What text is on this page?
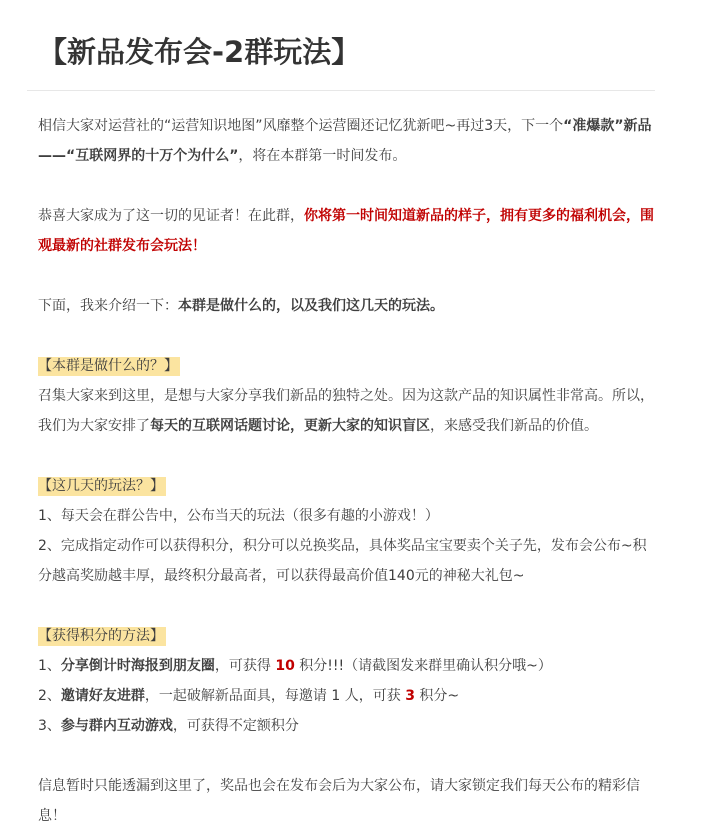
【新品发布会-2群玩法】

相信大家对运营社的“运营知识地图”风靡整个运营圈还记忆犹新吧~再过3天，下一个“准爆款”新品——“互联网界的十万个为什么”，将在本群第一时间发布。

恭喜大家成为了这一切的见证者！在此群，你将第一时间知道新品的样子，拥有更多的福利机会，围观最新的社群发布会玩法！

下面，我来介绍一下：本群是做什么的，以及我们这几天的玩法。

【本群是做什么的？】

召集大家来到这里，是想与大家分享我们新品的独特之处。因为这款产品的知识属性非常高。所以，我们为大家安排了每天的互联网话题讨论，更新大家的知识盲区，来感受我们新品的价值。

【这几天的玩法？】

1、每天会在群公告中，公布当天的玩法（很多有趣的小游戏！）

2、完成指定动作可以获得积分，积分可以兑换奖品，具体奖品宝宝要卖个关子先，发布会公布~积分越高奖励越丰厚，最终积分最高者，可以获得最高价值140元的神秘大礼包~

【获得积分的方法】

1、分享倒计时海报到朋友圈，可获得 10 积分!!!（请截图发来群里确认积分哦~）

2、邀请好友进群，一起破解新品面具，每邀请 1 人，可获 3 积分~

3、参与群内互动游戏，可获得不定额积分

信息暂时只能透漏到这里了，奖品也会在发布会后为大家公布，请大家锁定我们每天公布的精彩信息！
